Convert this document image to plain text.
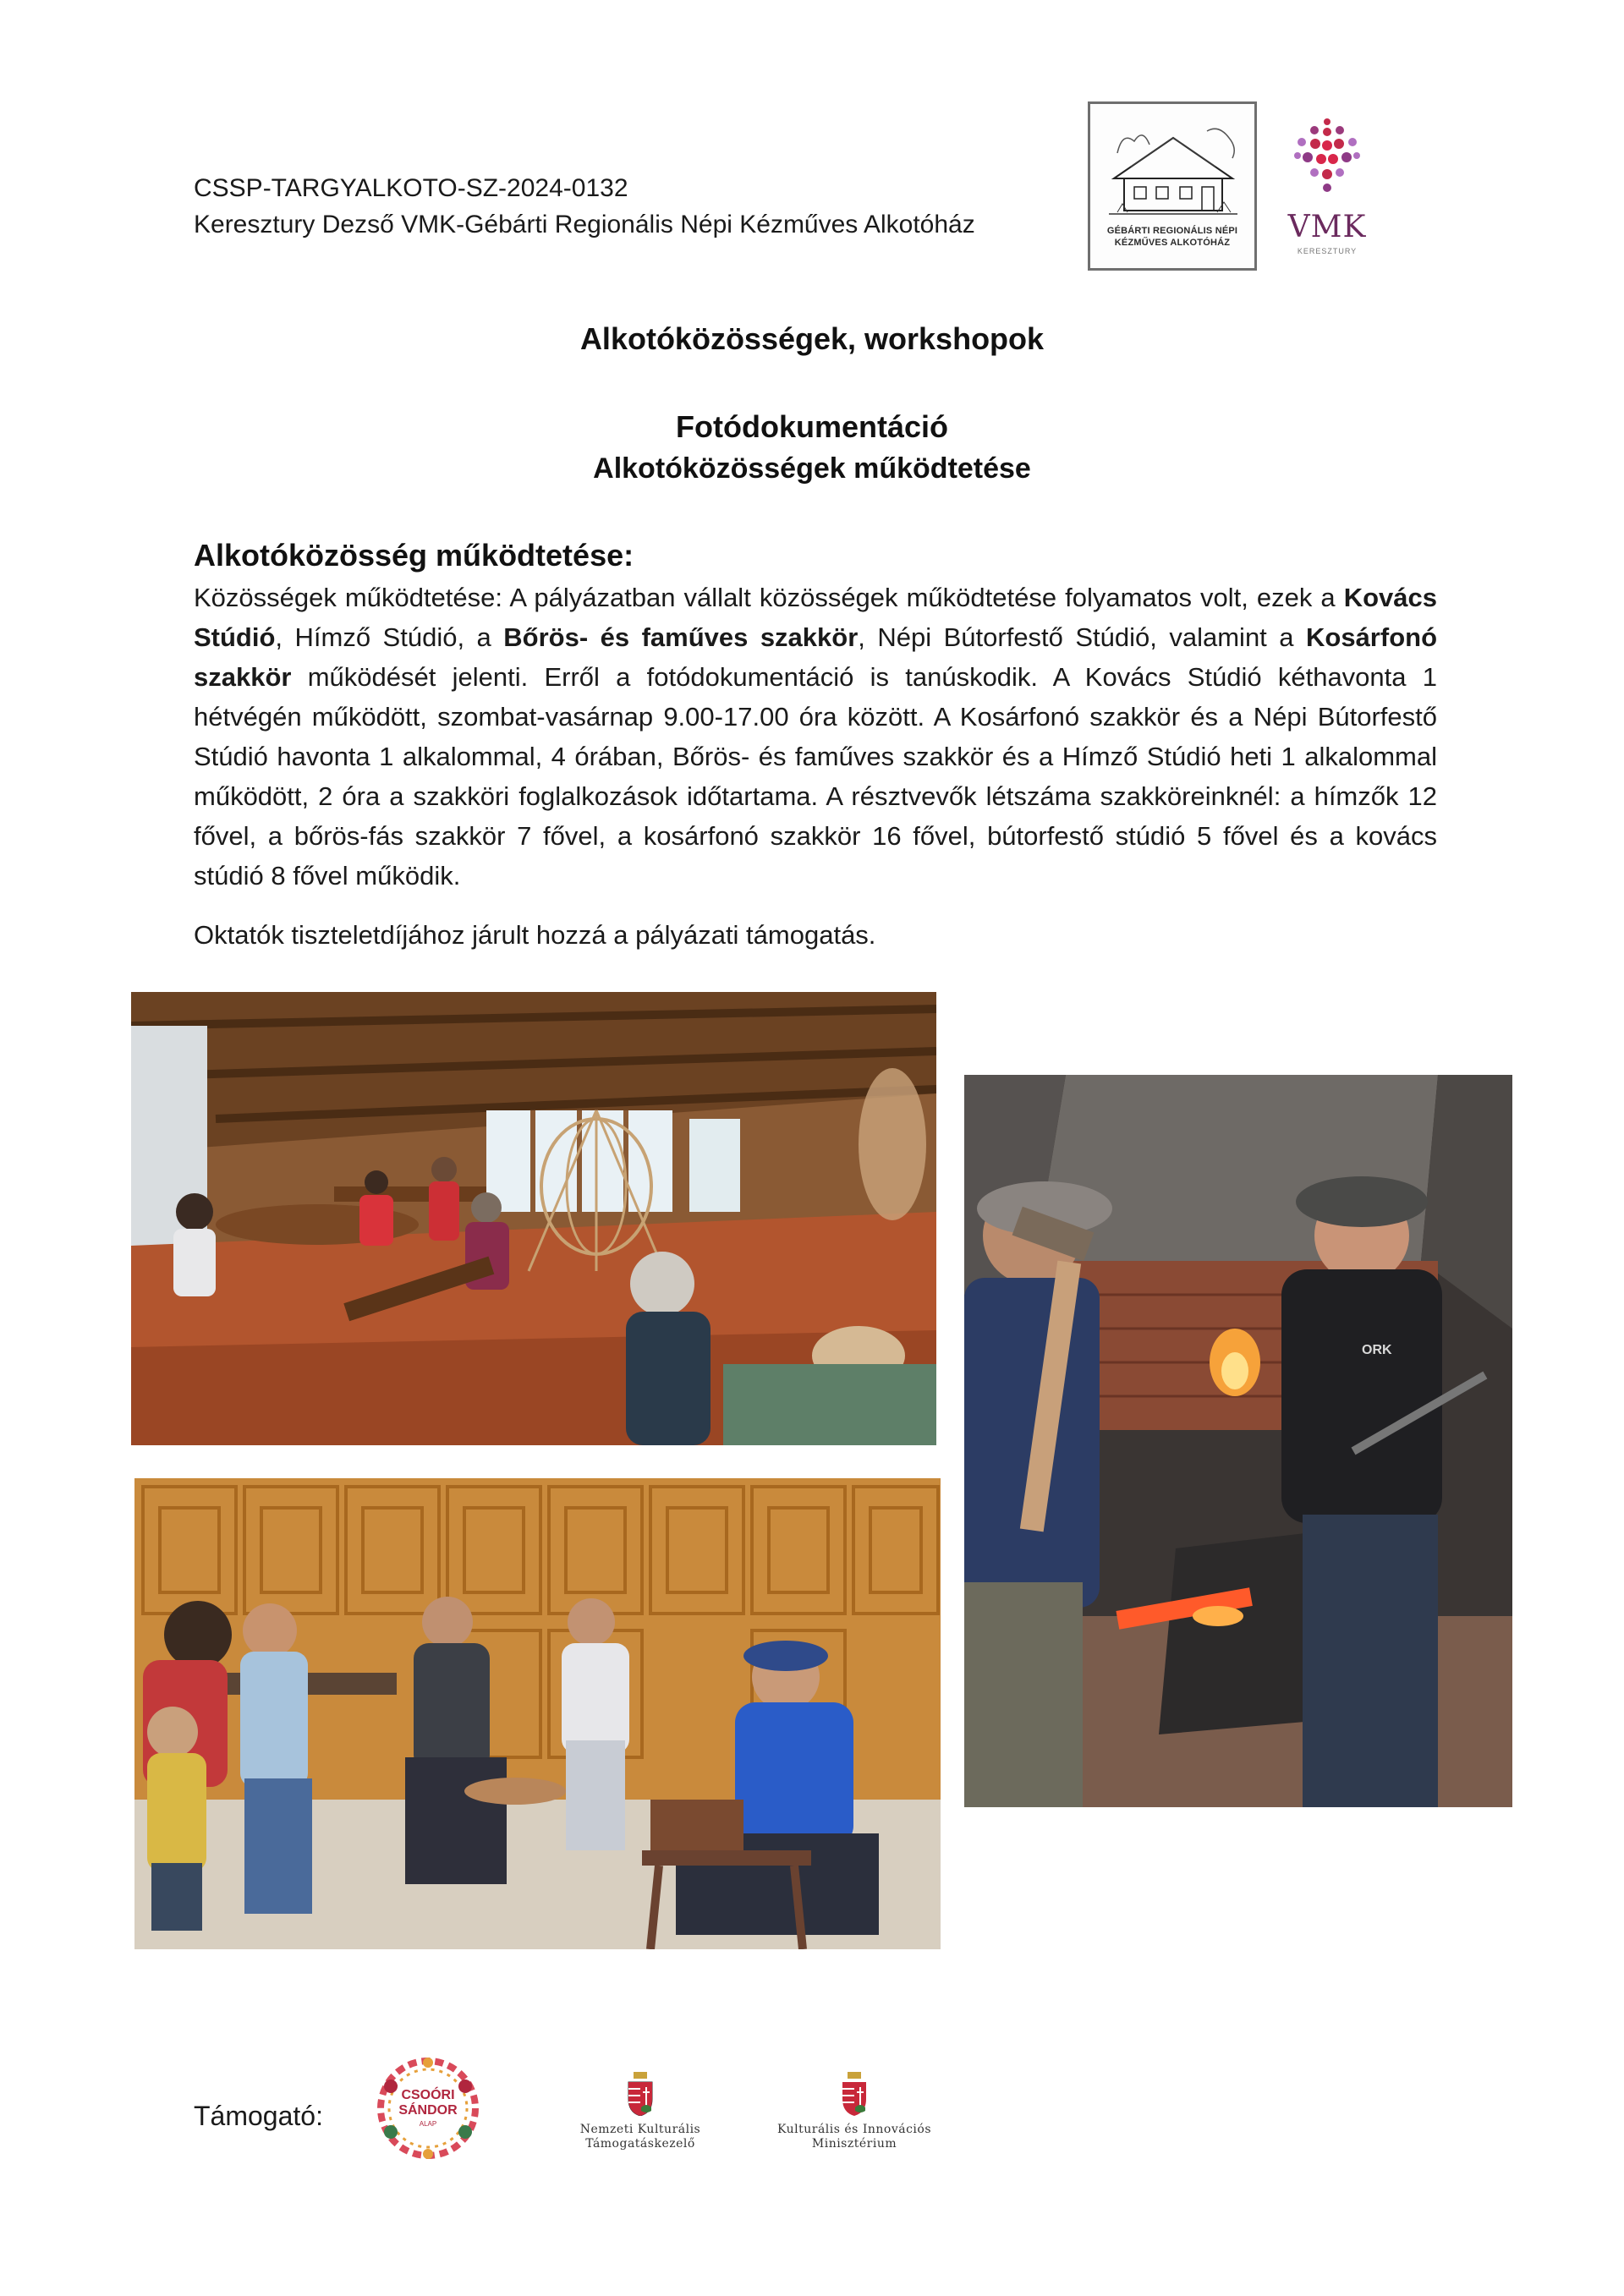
CSSP-TARGYALKOTO-SZ-2024-0132
Keresztury Dezső VMK-Gébárti Regionális Népi Kézműves Alkotóház	GÉBÁRTI REGIONÁLIS NÉPI KÉZMŰVES ALKOTÓHÁZ	VMK
KERESZTURY
Alkotóközösségek, workshopok
Fotódokumentáció
Alkotóközösségek működtetése
Alkotóközösség működtetése:
Közösségek működtetése: A pályázatban vállalt közösségek működtetése folyamatos volt, ezek a Kovács Stúdió, Hímző Stúdió, a Bőrös- és faműves szakkör, Népi Bútorfestő Stúdió, valamint a Kosárfonó szakkör működését jelenti. Erről a fotódokumentáció is tanúskodik. A Kovács Stúdió kéthavonta 1 hétvégén működött, szombat-vasárnap 9.00-17.00 óra között. A Kosárfonó szakkör és a Népi Bútorfestő Stúdió havonta 1 alkalommal, 4 órában, Bőrös- és faműves szakkör és a Hímző Stúdió heti 1 alkalommal működött, 2 óra a szakköri foglalkozások időtartama. A résztvevők létszáma szakköreinknél: a hímzők 12 fővel, a bőrös-fás szakkör 7 fővel, a kosárfonó szakkör 16 fővel, bútorfestő stúdió 5 fővel és a kovács stúdió 8 fővel működik.
Oktatók tiszteletdíjához járult hozzá a pályázati támogatás.
ORK
Támogató:
CSOÓRI
SÁNDOR
ALAP	Nemzeti Kulturális
Támogatáskezelő
Kulturális és Innovációs
Minisztérium
